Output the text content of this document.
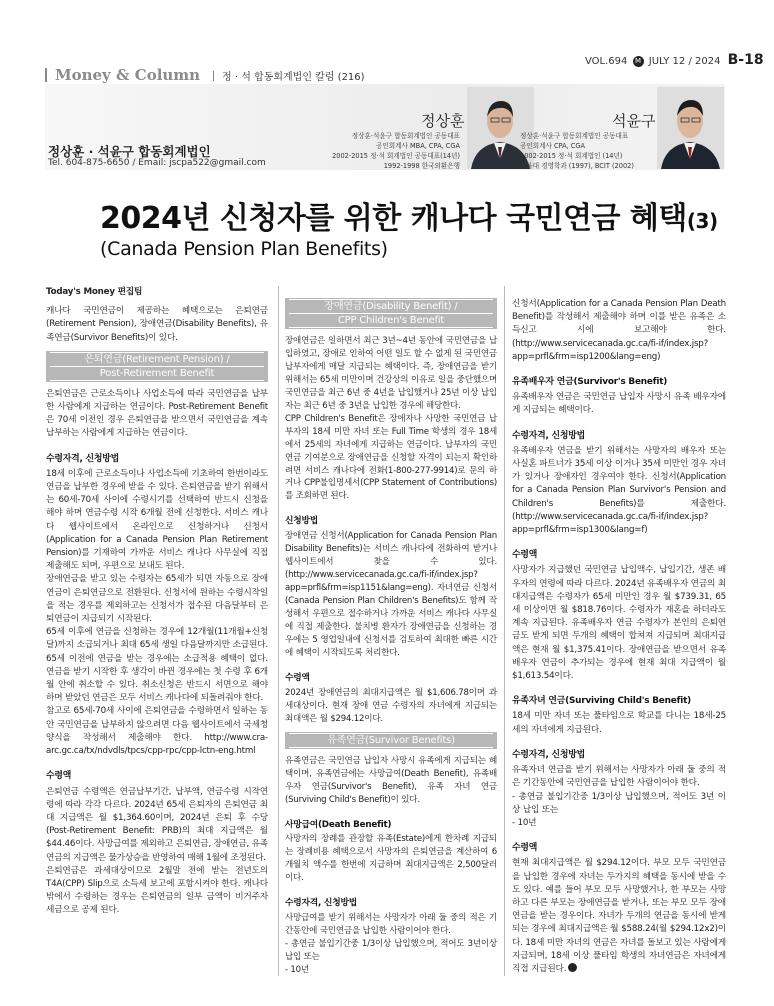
VOL.694 M JULY 12 / 2024 B-18
Money & Column	정 · 석 합동회계법인 칼럼 (216)
정상훈 · 석윤구 합동회계법인
Tel. 604-875-6650 / Email: jscpa522@gmail.com
정상훈
정상훈·석윤구 합동회계법인 공동대표
공인회계사 MBA, CPA, CGA
2002-2015 정·석 회계법인 공동대표(14년)
1992-1998 한국외환은행
석윤구
정상훈·석윤구 합동회계법인 공동대표
공인회계사 CPA, CGA
2002-2015 정·석 회계법인 (14년)
서울대 경영학과 (1997), BCIT (2002)
2024년 신청자를 위한 캐나다 국민연금 혜택(3)
(Canada Pension Plan Benefits)
Today's Money 편집팀

캐나다 국민연금이 제공하는 혜택으로는 은퇴연금(Retirement Pension), 장애연금(Disability Benefits), 유족연금(Survivor Benefits)이 있다.

은퇴연금(Retirement Pension) /
Post-Retirement Benefit

은퇴연금은 근로소득이나 사업소득에 따라 국민연금을 납부한 사람에게 지급하는 연금이다. Post-Retirement Benefit은 70세 이전인 경우 은퇴연금을 받으면서 국민연금을 계속 납부하는 사람에게 지급하는 연금이다.

수령자격, 신청방법

18세 이후에 근로소득이나 사업소득에 기초하여 한번이라도 연금을 납부한 경우에 받을 수 있다. 은퇴연금을 받기 위해서는 60세-70세 사이에 수령시기를 선택하여 반드시 신청을 해야 하며 연금수령 시작 6개월 전에 신청한다. 서비스 캐나다 웹사이트에서 온라인으로 신청하거나 신청서(Application for a Canada Pension Plan Retirement Pension)를 기재하여 가까운 서비스 캐나다 사무실에 직접 제출해도 되며, 우편으로 보내도 된다.

장애연금을 받고 있는 수령자는 65세가 되면 자동으로 장애연금이 은퇴연금으로 전환된다. 신청서에 원하는 수령시작일을 적는 경우를 제외하고는 신청서가 접수된 다음달부터 은퇴연금이 지급되기 시작된다.

65세 이후에 연금을 신청하는 경우에 12개월(11개월+신청 달)까지 소급되거나 최대 65세 생일 다음달까지만 소급된다. 65세 이전에 연금을 받는 경우에는 소급적용 혜택이 없다. 연금을 받기 시작한 후 생각이 바뀐 경우에는 첫 수령 후 6개월 안에 취소할 수 있다. 취소신청은 반드시 서면으로 해야 하며 받았던 연금은 모두 서비스 캐나다에 되돌려줘야 한다.

참고로 65세-70세 사이에 은퇴연금을 수령하면서 일하는 동안 국민연금을 납부하지 않으려면 다음 웹사이트에서 국세청 양식을 작성해서 제출해야 한다. http://www.cra-arc.gc.ca/tx/ndvdls/tpcs/cpp-rpc/cpp-lctn-eng.html

수령액

은퇴연금 수령액은 연금납부기간, 납부액, 연금수령 시작연령에 따라 각각 다르다. 2024년 65세 은퇴자의 은퇴연금 최대 지급액은 월 $1,364.60이며, 2024년 은퇴 후 수당(Post-Retirement Benefit: PRB)의 최대 지급액은 월 $44.46이다. 사망급여를 제외하고 은퇴연금, 장애연금, 유족연금의 지급액은 물가상승을 반영하여 매해 1월에 조정된다.

은퇴연금은 과세대상이므로 2월말 전에 받는 전년도의 T4A(CPP) Slip으로 소득세 보고에 포함시켜야 한다. 캐나다 밖에서 수령하는 경우는 은퇴연금의 일부 금액이 비거주자 세금으로 공제 된다.

장애연금(Disability Benefit) /
CPP Children's Benefit

장애연금은 일하면서 최근 3년~4년 동안에 국민연금을 납입하였고, 장애로 인하여 어떤 일도 할 수 없게 된 국민연금 납부자에게 매달 지급되는 혜택이다. 즉, 장애연금을 받기위해서는 65세 미만이며 건강상의 이유로 일을 중단했으며 국민연금을 최근 6년 중 4년을 납입했거나 25년 이상 납입자는 최근 6년 중 3년을 납입한 경우에 해당한다.

CPP Children's Benefit은 장애자나 사망한 국민연금 납부자의 18세 미만 자녀 또는 Full Time 학생의 경우 18세에서 25세의 자녀에게 지급하는 연금이다. 납부자의 국민연금 기여분으로 장애연금을 신청할 자격이 되는지 확인하려면 서비스 캐나다에 전화(1-800-277-9914)로 문의 하거나 CPP불입명세서(CPP Statement of Contributions)를 조회하면 된다.

신청방법

장애연금 신청서(Application for Canada Pension Plan Disability Benefits)는 서비스 캐나다에 전화하여 받거나 웹사이트에서 찾을 수 있다.(http://www.servicecanada.gc.ca/fi-if/index.jsp?app=prfl&frm=isp1151&lang=eng). 자녀연금 신청서(Canada Pension Plan Children's Benefits)도 함께 작성해서 우편으로 접수하거나 가까운 서비스 캐나다 사무실에 직접 제출한다. 불치병 환자가 장애연금을 신청하는 경우에는 5 영업일내에 신청서를 검토하여 최대한 빠른 시간에 혜택이 시작되도록 처리한다.

수령액

2024년 장애연금의 최대지급액은 월 $1,606.78이며 과세대상이다. 현재 장애 연금 수령자의 자녀에게 지급되는 최대액은 월 $294.12이다.

유족연금(Survivor Benefits)

유족연금은 국민연금 납입자 사망시 유족에게 지급되는 혜택이며, 유족연금에는 사망급여(Death Benefit), 유족배우자 연금(Survivor's Benefit), 유족 자녀 연금(Surviving Child's Benefit)이 있다.

사망급여(Death Benefit)

사망자의 장례를 관장할 유족(Estate)에게 한차례 지급되는 장례비용 혜택으로서 사망자의 은퇴연금을 계산하여 6개월치 액수를 한번에 지급하며 최대지급액은 2,500달러이다.

수령자격, 신청방법

사망급여를 받기 위해서는 사망자가 아래 둘 중의 적은 기간동안에 국민연금을 납입한 사람이어야 한다.

- 총연금 불입기간중 1/3이상 납입했으며, 적어도 3년이상 납입 또는

- 10년

신청서(Application for a Canada Pension Plan Death Benefit)를 작성해서 제출해야 하며 이를 받은 유족은 소득신고 시에 보고해야 한다.(http://www.servicecanada.gc.ca/fi-if/index.jsp?app=prfl&frm=isp1200&lang=eng)

유족배우자 연금(Survivor's Benefit)

유족배우자 연금은 국민연금 납입자 사망시 유족 배우자에게 지급되는 혜택이다.

수령자격, 신청방법

유족배우자 연금을 받기 위해서는 사망자의 배우자 또는 사실혼 파트너가 35세 이상 이거나 35세 미만인 경우 자녀가 있거나 장애자인 경우여야 한다. 신청서(Application for a Canada Pension Plan Survivor's Pension and Children's Benefits)를 제출한다.(http://www.servicecanada.gc.ca/fi-if/index.jsp?app=prfl&frm=isp1300&lang=f)

수령액

사망자가 지급했던 국민연금 납입액수, 납입기간, 생존 배우자의 연령에 따라 다르다. 2024년 유족배우자 연금의 최대지급액은 수령자가 65세 미만인 경우 월 $739.31, 65세 이상이면 월 $818.76이다. 수령자가 재혼을 하더라도 계속 지급된다. 유족배우자 연금 수령자가 본인의 은퇴연금도 받게 되면 두개의 혜택이 합쳐져 지급되며 최대지급액은 현재 월 $1,375.41이다. 장애연금을 받으면서 유족배우자 연금이 추가되는 경우에 현재 최대 지급액이 월 $1,613.54이다.

유족자녀 연금(Surviving Child's Benefit)

18세 미만 자녀 또는 풀타임으로 학교를 다니는 18세-25세의 자녀에게 지급된다.

수령자격, 신청방법

유족자녀 연금을 받기 위해서는 사망자가 아래 둘 중의 적은 기간동안에 국민연금을 납입한 사람이어야 한다.

- 총연금 불입기간중 1/3이상 납입했으며, 적어도 3년 이상 납입 또는

- 10년

수령액

현재 최대지급액은 월 $294.12이다. 부모 모두 국민연금을 납입한 경우에 자녀는 두가지의 혜택을 동시에 받을 수도 있다. 예를 들어 부모 모두 사망했거나, 한 부모는 사망하고 다른 부모는 장애연금을 받거나, 또는 부모 모두 장애연금을 받는 경우이다. 자녀가 두개의 연금을 동시에 받게되는 경우에 최대지급액은 월 $588.24(월 $294.12x2)이다. 18세 미만 자녀의 연금은 자녀를 돌보고 있는 사람에게 지급되며, 18세 이상 풀타임 학생의 자녀연금은 자녀에게 직접 지급된다.
